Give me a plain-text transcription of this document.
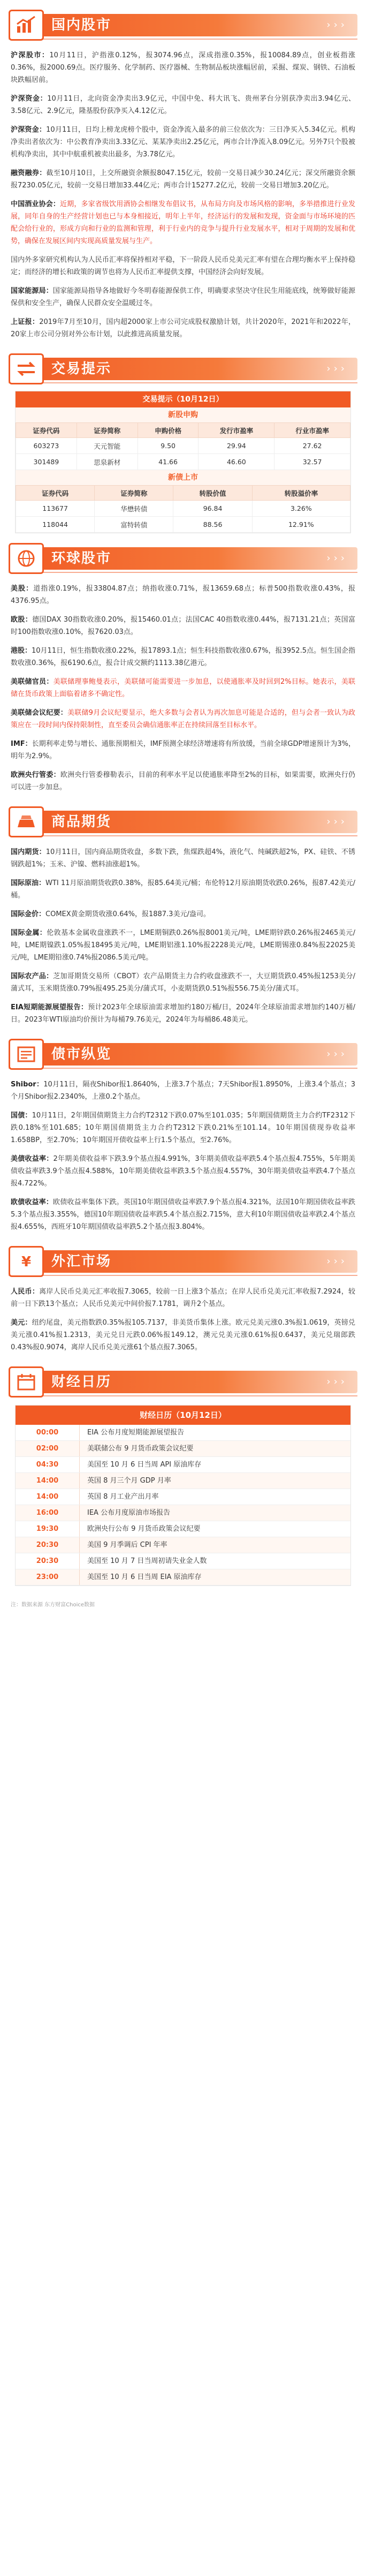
国内股市	›››

沪深股市：10月11日，沪指涨0.12%，报3074.96点，深成指涨0.35%，报10084.89点，创业板指涨0.36%，报2000.69点。医疗服务、化学制药、医疗器械、生物制品板块涨幅居前，采掘、煤炭、钢铁、石油板块跌幅居前。

沪深资金：10月11日，北向资金净卖出3.9亿元，中国中免、科大讯飞、贵州茅台分别获净卖出3.94亿元、3.58亿元、2.9亿元，隆基股份获净买入4.12亿元。

沪深资金：10月11日，日均上榜龙虎榜个股中，资金净流入最多的前三位依次为：三日净买入5.34亿元。机构净卖出者依次为：中公教育净卖出3.33亿元、某某净卖出2.25亿元，两市合计净流入8.09亿元。另外7只个股被机构净卖出，其中中航重机被卖出最多，为3.78亿元。

融资融券：截至10月10日，上交所融资余额报8047.15亿元，较前一交易日减少30.24亿元；深交所融资余额报7230.05亿元，较前一交易日增加33.44亿元；两市合计15277.2亿元，较前一交易日增加3.20亿元。

中国酒业协会：近期，多家省级饮用酒协会相继发布倡议书，从布局方向及市场风格的影响，多举措推进行业发展，同年自身的生产经营计划也已与本身相接近，明年上半年，经济运行的发展和发现，资金面与市场环境的匹配会给行业的，形成方向和行业的监测和管理，利于行业内的竞争与提升行业发展水平，相对于周期的发展和优势，确保在发展区间内实现高质量发展与生产。

国内外多家研究机构认为人民币汇率将保持相对平稳，下一阶段人民币兑美元汇率有望在合理均衡水平上保持稳定；而经济的增长和政策的调节也将为人民币汇率提供支撑，中国经济会向好发展。

国家能源局：国家能源局指导各地做好今冬明春能源保供工作，明确要求坚决守住民生用能底线，统筹做好能源保供和安全生产，确保人民群众安全温暖过冬。

上证报：2019年7月至10月，国内超2000家上市公司完成股权激励计划，共计2020年，2021年和2022年，20家上市公司分别对外公布计划，以此推进高质量发展。

交易提示	›››
交易提示（10月12日）
新股申购
证券代码	证券简称	申购价格	发行市盈率	行业市盈率
603273	天元智能	9.50	29.94	27.62
301489	思泉新材	41.66	46.60	32.57
新债上市
证券代码	证券简称	转股价值	转股溢价率
113677	华懋转债	96.84	3.26%
118044	富特转债	88.56	12.91%
环球股市	›››

美股：道指涨0.19%，报33804.87点；纳指收涨0.71%，报13659.68点；标普500指数收涨0.43%，报4376.95点。

欧股：德国DAX 30指数收涨0.20%，报15460.01点；法国CAC 40指数收涨0.44%，报7131.21点；英国富时100指数收涨0.10%，报7620.03点。

港股：10月11日，恒生指数收涨0.22%，报17893.1点；恒生科技指数收涨0.67%，报3952.5点。恒生国企指数收涨0.36%，报6190.6点，报合计成交额约1113.38亿港元。

美联储官员：美联储理事鲍曼表示，美联储可能需要进一步加息，以使通胀率及时回到2%目标。她表示，美联储在货币政策上面临着诸多不确定性。

美联储会议纪要：美联储9月会议纪要显示，绝大多数与会者认为再次加息可能是合适的，但与会者一致认为政策应在一段时间内保持限制性，直至委员会确信通胀率正在持续回落至目标水平。

IMF：长期利率走势与增长、通胀预期相关，IMF预测全球经济增速将有所放缓，当前全球GDP增速预计为3%，明年为2.9%。

欧洲央行管委：欧洲央行管委穆勒表示，目前的利率水平足以使通胀率降至2%的目标，如果需要，欧洲央行仍可以进一步加息。

商品期货	›››

国内期货：10月11日，国内商品期货收盘，多数下跌，焦煤跌超4%，液化气、纯碱跌超2%，PX、硅铁、不锈钢跌超1%；玉米、沪镍、燃料油涨超1%。

国际原油：WTI 11月原油期货收跌0.38%，报85.64美元/桶；布伦特12月原油期货收跌0.26%，报87.42美元/桶。

国际金价：COMEX黄金期货收涨0.64%，报1887.3美元/盎司。

国际金属：伦敦基本金属收盘涨跌不一，LME期铜跌0.26%报8001美元/吨，LME期锌跌0.26%报2465美元/吨，LME期镍跌1.05%报18495美元/吨，LME期铝涨1.10%报2228美元/吨，LME期锡涨0.84%报22025美元/吨，LME期铅涨0.74%报2086.5美元/吨。

国际农产品：芝加哥期货交易所（CBOT）农产品期货主力合约收盘涨跌不一，大豆期货跌0.45%报1253美分/蒲式耳，玉米期货涨0.79%报495.25美分/蒲式耳，小麦期货跌0.51%报556.75美分/蒲式耳。

EIA短期能源展望报告：预计2023年全球原油需求增加约180万桶/日，2024年全球原油需求增加约140万桶/日。2023年WTI原油均价预计为每桶79.76美元，2024年为每桶86.48美元。

债市纵览	›››

Shibor：10月11日，隔夜Shibor报1.8640%，上涨3.7个基点；7天Shibor报1.8950%，上涨3.4个基点；3个月Shibor报2.2340%，上涨0.2个基点。

国债：10月11日，2年期国债期货主力合约T2312下跌0.07%至101.035；5年期国债期货主力合约TF2312下跌0.18%至101.685；10年期国债期货主力合约T2312下跌0.21%至101.14。10年期国债现券收益率1.658BP，至2.70%；10年期国开债收益率上行1.5个基点，至2.76%。

美债收益率：2年期美债收益率下跌3.9个基点报4.991%，3年期美债收益率跌5.4个基点报4.755%，5年期美债收益率跌3.9个基点报4.588%，10年期美债收益率跌3.5个基点报4.557%，30年期美债收益率跌4.7个基点报4.722%。

欧债收益率：欧债收益率集体下跌。英国10年期国债收益率跌7.9个基点报4.321%，法国10年期国债收益率跌5.3个基点报3.355%，德国10年期国债收益率跌5.4个基点报2.715%，意大利10年期国债收益率跌2.4个基点报4.655%，西班牙10年期国债收益率跌5.2个基点报3.804%。

¥ 外汇市场	›››

人民币：离岸人民币兑美元汇率收报7.3065，较前一日上涨3个基点；在岸人民币兑美元汇率收报7.2924，较前一日下跌13个基点；人民币兑美元中间价报7.1781，调升2个基点。

美元：纽约尾盘，美元指数跌0.35%报105.7137，非美货币集体上涨。欧元兑美元涨0.3%报1.0619，英镑兑美元涨0.41%报1.2313，美元兑日元跌0.06%报149.12，澳元兑美元涨0.61%报0.6437，美元兑瑞郎跌0.43%报0.9074，离岸人民币兑美元涨61个基点报7.3065。

财经日历	›››
财经日历（10月12日）
00:00	EIA 公布月度短期能源展望报告
02:00	美联储公布 9 月货币政策会议纪要
04:30	美国至 10 月 6 日当周 API 原油库存
14:00	英国 8 月三个月 GDP 月率
14:00	英国 8 月工业产出月率
16:00	IEA 公布月度原油市场报告
19:30	欧洲央行公布 9 月货币政策会议纪要
20:30	美国 9 月季调后 CPI 年率
20:30	美国至 10 月 7 日当周初请失业金人数
23:00	美国至 10 月 6 日当周 EIA 原油库存
注：数据来源 东方财富Choice数据
